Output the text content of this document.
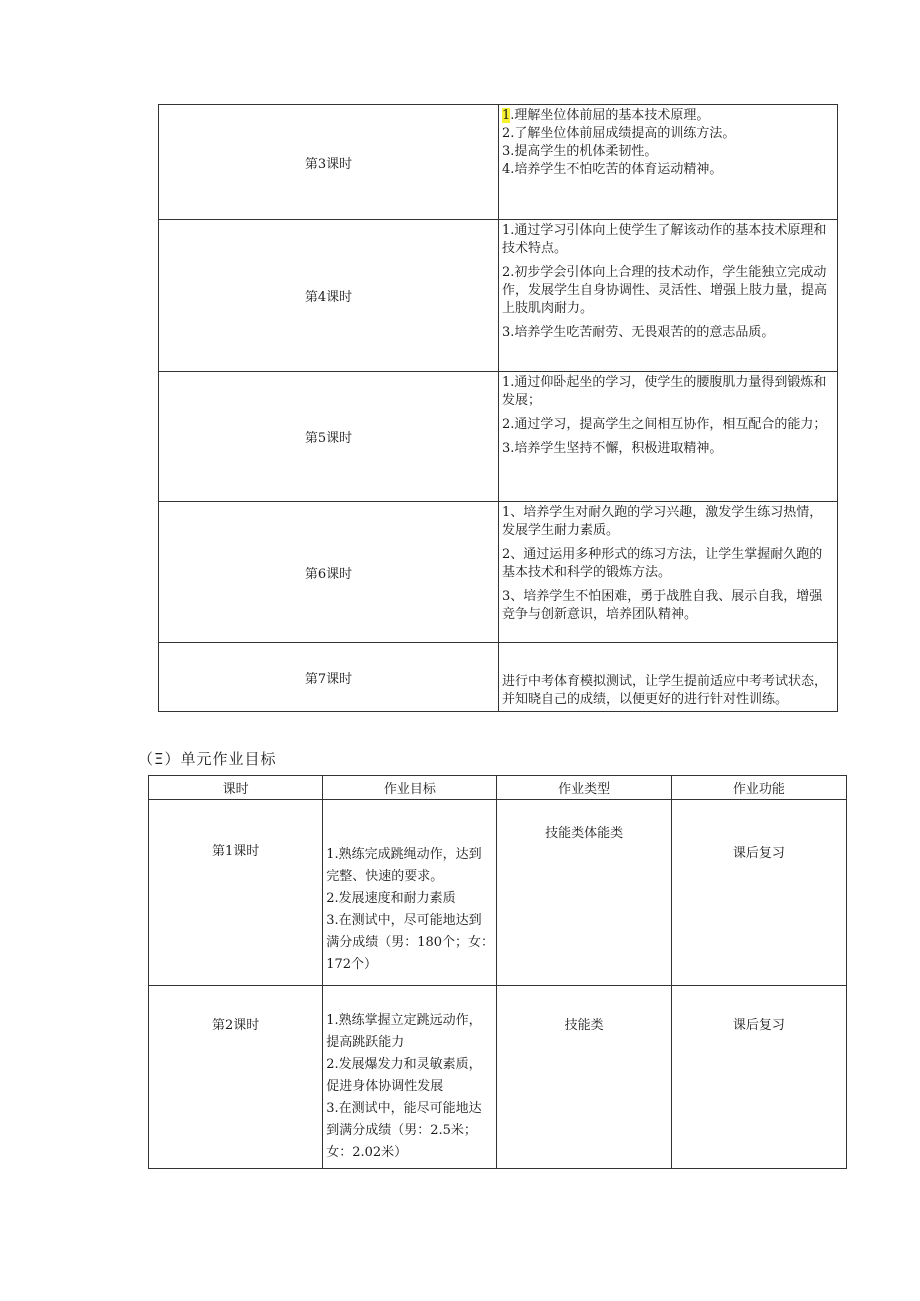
第3课时	1.理解坐位体前屈的基本技术原理。

2.了解坐位体前屈成绩提高的训练方法。

3.提高学生的机体柔韧性。

4.培养学生不怕吃苦的体育运动精神。

第4课时	1.通过学习引体向上使学生了解该动作的基本技术原理和技术特点。

2.初步学会引体向上合理的技术动作，学生能独立完成动作，发展学生自身协调性、灵活性、增强上肢力量，提高上肢肌肉耐力。

3.培养学生吃苦耐劳、无畏艰苦的的意志品质。

第5课时	1.通过仰卧起坐的学习，使学生的腰腹肌力量得到锻炼和发展；

2.通过学习，提高学生之间相互协作，相互配合的能力；

3.培养学生坚持不懈，积极进取精神。

第6课时	1、培养学生对耐久跑的学习兴趣，激发学生练习热情，发展学生耐力素质。

2、通过运用多种形式的练习方法，让学生掌握耐久跑的基本技术和科学的锻炼方法。

3、培养学生不怕困难，勇于战胜自我、展示自我，增强竞争与创新意识，培养团队精神。

第7课时	进行中考体育模拟测试，让学生提前适应中考考试状态，并知晓自己的成绩，以便更好的进行针对性训练。

（Ξ）单元作业目标
课时	作业目标	作业类型	作业功能
第1课时	1.熟练完成跳绳动作，达到完整、快速的要求。

2.发展速度和耐力素质

3.在测试中，尽可能地达到满分成绩（男：180个；女：172个）	技能类体能类	课后复习
第2课时	1.熟练掌握立定跳远动作，提高跳跃能力

2.发展爆发力和灵敏素质，促进身体协调性发展

3.在测试中，能尽可能地达到满分成绩（男：2.5米；女：2.02米）	技能类	课后复习
